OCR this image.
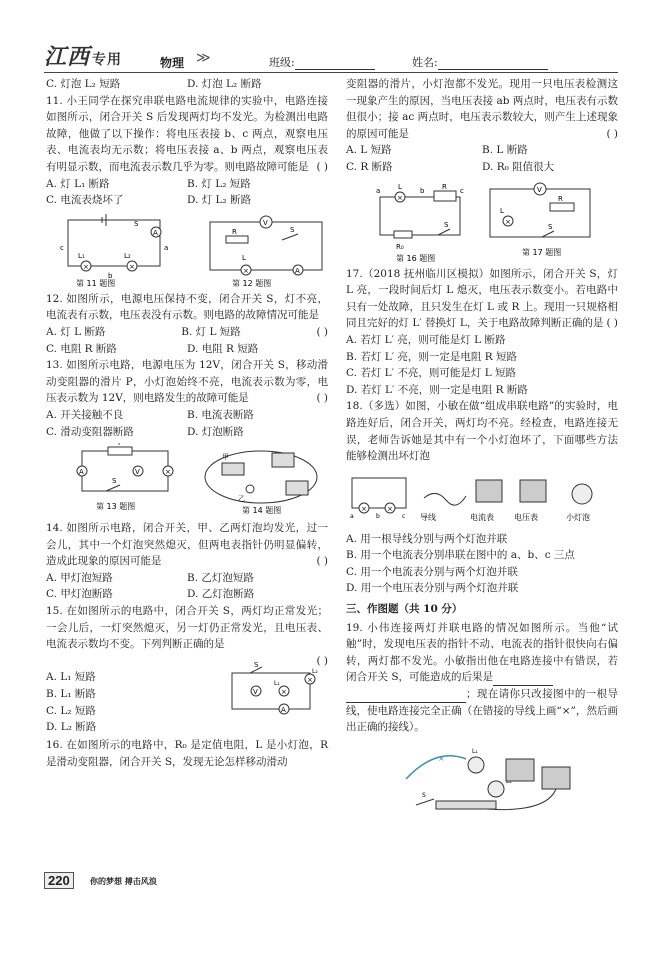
江西 专用	物理 ≫	班级:	姓名:
C. 灯泡 L₂ 短路	D. 灯泡 L₂ 断路

11. 小王同学在探究串联电路电流规律的实验中，电路连接如图所示，闭合开关 S 后发现两灯均不发光。为检测出电路故障，他做了以下操作：将电压表接 b、c 两点，观察电压表、电流表均无示数；将电压表接 a、b 两点，观察电压表有明显示数，而电流表示数几乎为零。则电路故障可能是 ( )

A. 灯 L₁ 断路	B. 灯 L₂ 短路
C. 电流表烧坏了	D. 灯 L₂ 断路
A
×	×
L₁	L₂
c	a
b
S	V
R	S
×	A
L
第 11 题图	第 12 题图

12. 如图所示，电源电压保持不变，闭合开关 S，灯不亮，电流表有示数，电压表没有示数。则电路的故障情况可能是
( )

A. 灯 L 断路	B. 灯 L 短路
C. 电阻 R 断路	D. 电阻 R 短路

13. 如图所示电路，电源电压为 12V，闭合开关 S，移动滑动变阻器的滑片 P，小灯泡始终不亮，电流表示数为零，电压表示数为 12V，则电路发生的故障可能是	( )

A. 开关接触不良	B. 电流表断路
C. 滑动变阻器断路	D. 灯泡断路
P
A	V	×
S
乙
甲
第 13 题图	第 14 题图

14. 如图所示电路，闭合开关，甲、乙两灯泡均发光，过一会儿，其中一个灯泡突然熄灭，但两电表指针仍明显偏转，造成此现象的原因可能是	( )

A. 甲灯泡短路	B. 乙灯泡短路
C. 甲灯泡断路	D. 乙灯泡断路

15. 在如图所示的电路中，闭合开关 S，两灯均正常发光；一会儿后，一灯突然熄灭，另一灯仍正常发光，且电压表、电流表示数均不变。下列判断正确的是

( )
A. L₁ 短路
B. L₁ 断路
C. L₂ 短路
D. L₂ 断路
S
V	×
×
A
L₁
L₂

16. 在如图所示的电路中，R₀ 是定值电阻，L 是小灯泡，R 是滑动变阻器，闭合开关 S，发现无论怎样移动滑动

变阻器的滑片，小灯泡都不发光。现用一只电压表检测这一现象产生的原因，当电压表接 ab 两点时，电压表有示数但很小；接 ac 两点时，电压表示数较大，则产生上述现象的原因可能是	( )

A. L 短路	B. L 断路
C. R 断路	D. R₀ 阻值很大
×
L	R
a	b	c
R₀
S
V
R
×
L
S
第 16 题图
第 17 题图

17.（2018 抚州临川区模拟）如图所示，闭合开关 S，灯 L 亮，一段时间后灯 L 熄灭，电压表示数变小。若电路中只有一处故障，且只发生在灯 L 或 R 上。现用一只规格相同且完好的灯 L′ 替换灯 L，关于电路故障判断正确的是 ( )

A. 若灯 L′ 亮，则可能是灯 L 断路
B. 若灯 L′ 亮，则一定是电阻 R 短路
C. 若灯 L′ 不亮，则可能是灯 L 短路
D. 若灯 L′ 不亮，则一定是电阻 R 断路

18.（多选）如图，小敏在做“组成串联电路”的实验时，电路连好后，闭合开关，两灯均不亮。经检查，电路连接无误，老师告诉她是其中有一个小灯泡坏了，下面哪些方法能够检测出坏灯泡

×	×
a	b	c 导线	电流表	电压表	小灯泡
A. 用一根导线分别与两个灯泡并联
B. 用一个电流表分别串联在图中的 a、b、c 三点
C. 用一个电流表分别与两个灯泡并联
D. 用一个电压表分别与两个灯泡并联
三、作图题（共 10 分）

19. 小伟连接两灯并联电路的情况如图所示。当他“试触”时，发现电压表的指针不动、电流表的指针很快向右偏转，两灯都不发光。小敏指出他在电路连接中有错误，若闭合开关 S，可能造成的后果是

；现在请你只改接图中的一根导线，使电路连接完全正确（在错接的导线上画“×”，然后画出正确的接线）。

×
L₁
S
220	你的梦想 搏击风浪
